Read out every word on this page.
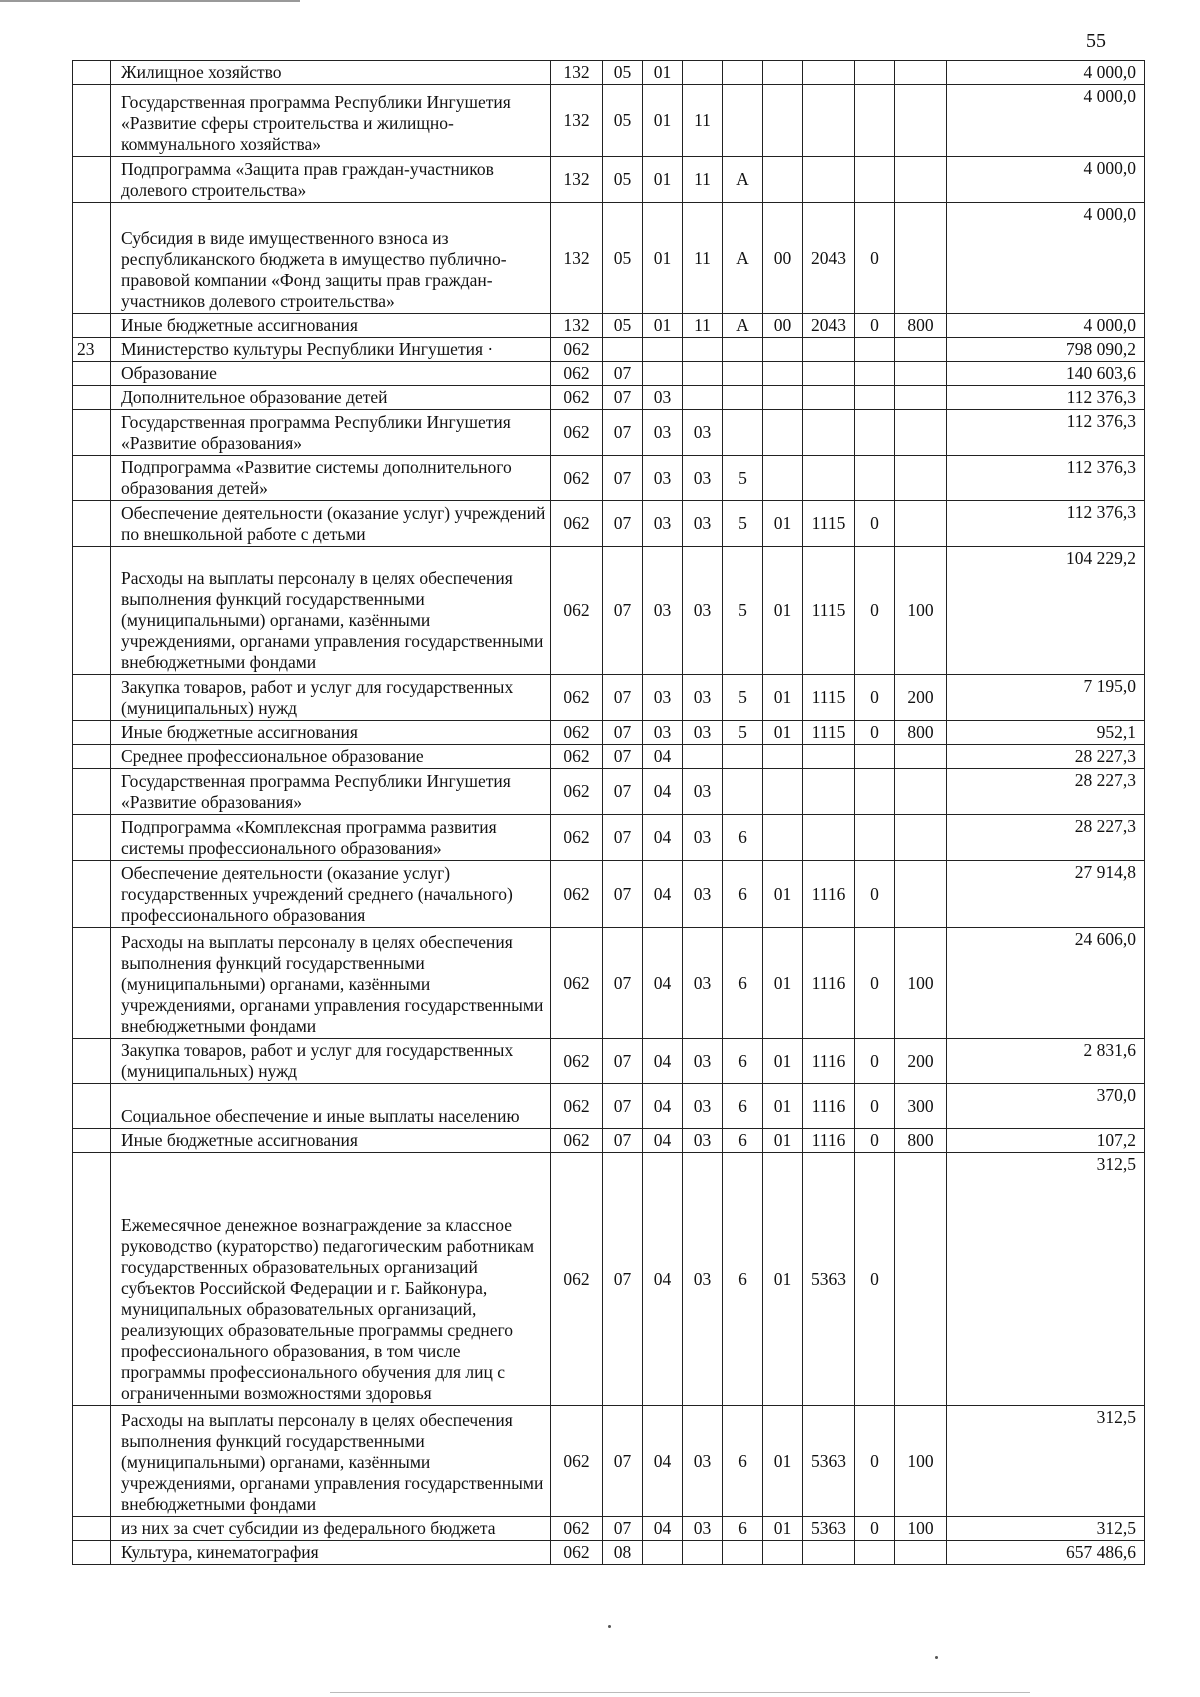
55
	Жилищное хозяйство	132	05	01							4 000,0
	Государственная программа Республики Ингушетия «Развитие сферы строительства и жилищно-коммунального хозяйства»	132	05	01	11						4 000,0
	Подпрограмма «Защита прав граждан-участников долевого строительства»	132	05	01	11	А					4 000,0
	Субсидия в виде имущественного взноса из республиканского бюджета в имущество публично-правовой компании «Фонд защиты прав граждан-участников долевого строительства»	132	05	01	11	А	00	2043	0		4 000,0
	Иные бюджетные ассигнования	132	05	01	11	А	00	2043	0	800	4 000,0
23	Министерство культуры Республики Ингушетия ·	062									798 090,2
	Образование	062	07								140 603,6
	Дополнительное образование детей	062	07	03							112 376,3
	Государственная программа Республики Ингушетия «Развитие образования»	062	07	03	03						112 376,3
	Подпрограмма «Развитие системы дополнительного образования детей»	062	07	03	03	5					112 376,3
	Обеспечение деятельности (оказание услуг) учреждений по внешкольной работе с детьми	062	07	03	03	5	01	1115	0		112 376,3
	Расходы на выплаты персоналу в целях обеспечения выполнения функций государственными (муниципальными) органами, казёнными учреждениями, органами управления государственными внебюджетными фондами	062	07	03	03	5	01	1115	0	100	104 229,2
	Закупка товаров, работ и услуг для государственных (муниципальных) нужд	062	07	03	03	5	01	1115	0	200	7 195,0
	Иные бюджетные ассигнования	062	07	03	03	5	01	1115	0	800	952,1
	Среднее профессиональное образование	062	07	04							28 227,3
	Государственная программа Республики Ингушетия «Развитие образования»	062	07	04	03						28 227,3
	Подпрограмма «Комплексная программа развития системы профессионального образования»	062	07	04	03	6					28 227,3
	Обеспечение деятельности (оказание услуг) государственных учреждений среднего (начального) профессионального образования	062	07	04	03	6	01	1116	0		27 914,8
	Расходы на выплаты персоналу в целях обеспечения выполнения функций государственными (муниципальными) органами, казёнными учреждениями, органами управления государственными внебюджетными фондами	062	07	04	03	6	01	1116	0	100	24 606,0
	Закупка товаров, работ и услуг для государственных (муниципальных) нужд	062	07	04	03	6	01	1116	0	200	2 831,6
	Социальное обеспечение и иные выплаты населению	062	07	04	03	6	01	1116	0	300	370,0
	Иные бюджетные ассигнования	062	07	04	03	6	01	1116	0	800	107,2
	Ежемесячное денежное вознаграждение за классное руководство (кураторство) педагогическим работникам государственных образовательных организаций субъектов Российской Федерации и г. Байконура, муниципальных образовательных организаций, реализующих образовательные программы среднего профессионального образования, в том числе программы профессионального обучения для лиц с ограниченными возможностями здоровья	062	07	04	03	6	01	5363	0		312,5
	Расходы на выплаты персоналу в целях обеспечения выполнения функций государственными (муниципальными) органами, казёнными учреждениями, органами управления государственными внебюджетными фондами	062	07	04	03	6	01	5363	0	100	312,5
	из них за счет субсидии из федерального бюджета	062	07	04	03	6	01	5363	0	100	312,5
	Культура, кинематография	062	08								657 486,6
